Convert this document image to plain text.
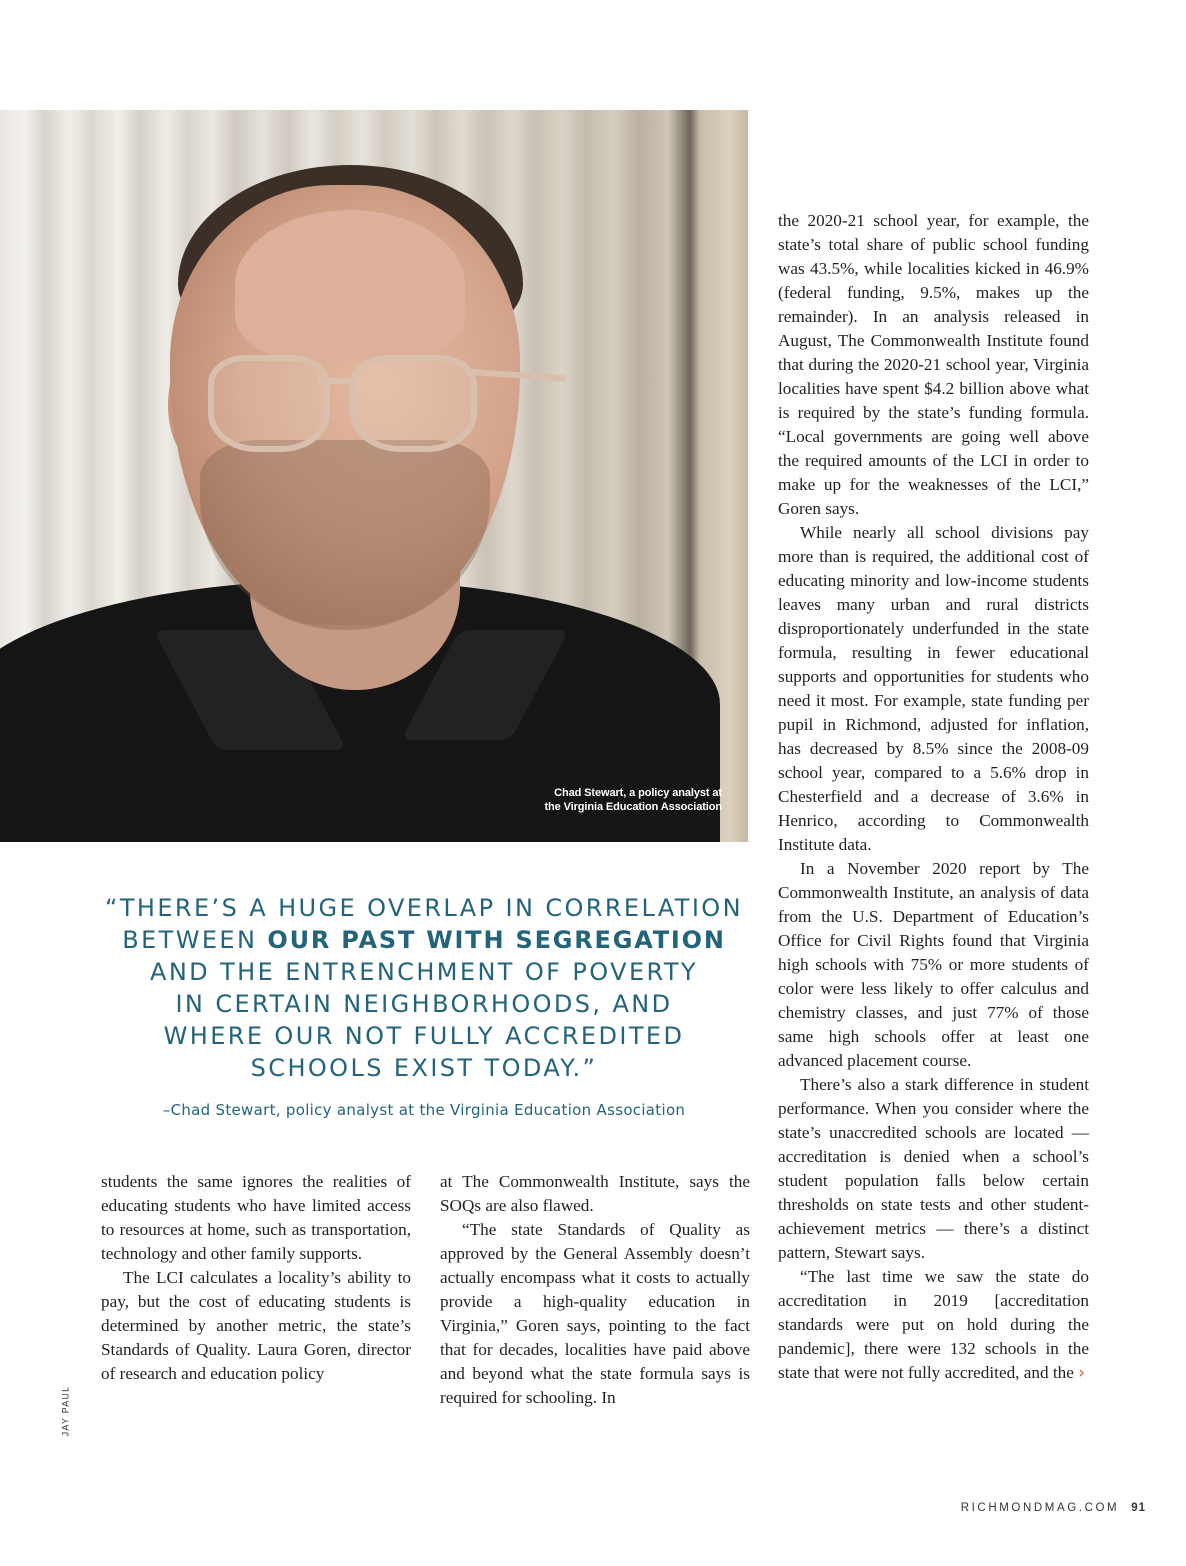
Chad Stewart, a policy analyst at
the Virginia Education Association
“THERE’S A HUGE OVERLAP IN CORRELATION
BETWEEN OUR PAST WITH SEGREGATION
AND THE ENTRENCHMENT OF POVERTY
IN CERTAIN NEIGHBORHOODS, AND
WHERE OUR NOT FULLY ACCREDITED
SCHOOLS EXIST TODAY.”
–Chad Stewart, policy analyst at the Virginia Education Association

students the same ignores the realities of educating students who have limited access to resources at home, such as transportation, technology and other family supports.

The LCI calculates a locality’s ability to pay, but the cost of educating students is determined by another metric, the state’s Standards of Quality. Laura Goren, director of research and education policy

at The Commonwealth Institute, says the SOQs are also flawed.

“The state Standards of Quality as approved by the General Assembly doesn’t actually encompass what it costs to actually provide a high-quality education in Virginia,” Goren says, pointing to the fact that for decades, localities have paid above and beyond what the state formula says is required for schooling. In

the 2020-21 school year, for example, the state’s total share of public school funding was 43.5%, while localities kicked in 46.9% (federal funding, 9.5%, makes up the remainder). In an analysis released in August, The Commonwealth Institute found that during the 2020-21 school year, Virginia localities have spent $4.2 billion above what is required by the state’s funding formula. “Local governments are going well above the required amounts of the LCI in order to make up for the weaknesses of the LCI,” Goren says.

While nearly all school divisions pay more than is required, the additional cost of educating minority and low-income students leaves many urban and rural districts disproportionately underfunded in the state formula, resulting in fewer educational supports and opportunities for students who need it most. For example, state funding per pupil in Richmond, adjusted for inflation, has decreased by 8.5% since the 2008-09 school year, compared to a 5.6% drop in Chesterfield and a decrease of 3.6% in Henrico, according to Commonwealth Institute data.

In a November 2020 report by The Commonwealth Institute, an analysis of data from the U.S. Department of Education’s Office for Civil Rights found that Virginia high schools with 75% or more students of color were less likely to offer calculus and chemistry classes, and just 77% of those same high schools offer at least one advanced placement course.

There’s also a stark difference in student performance. When you consider where the state’s unaccredited schools are located — accreditation is denied when a school’s student population falls below certain thresholds on state tests and other student-achievement metrics — there’s a distinct pattern, Stewart says.

“The last time we saw the state do accreditation in 2019 [accreditation standards were put on hold during the pandemic], there were 132 schools in the state that were not fully accredited, and the ›

JAY PAUL
RICHMONDMAG.COM 91
